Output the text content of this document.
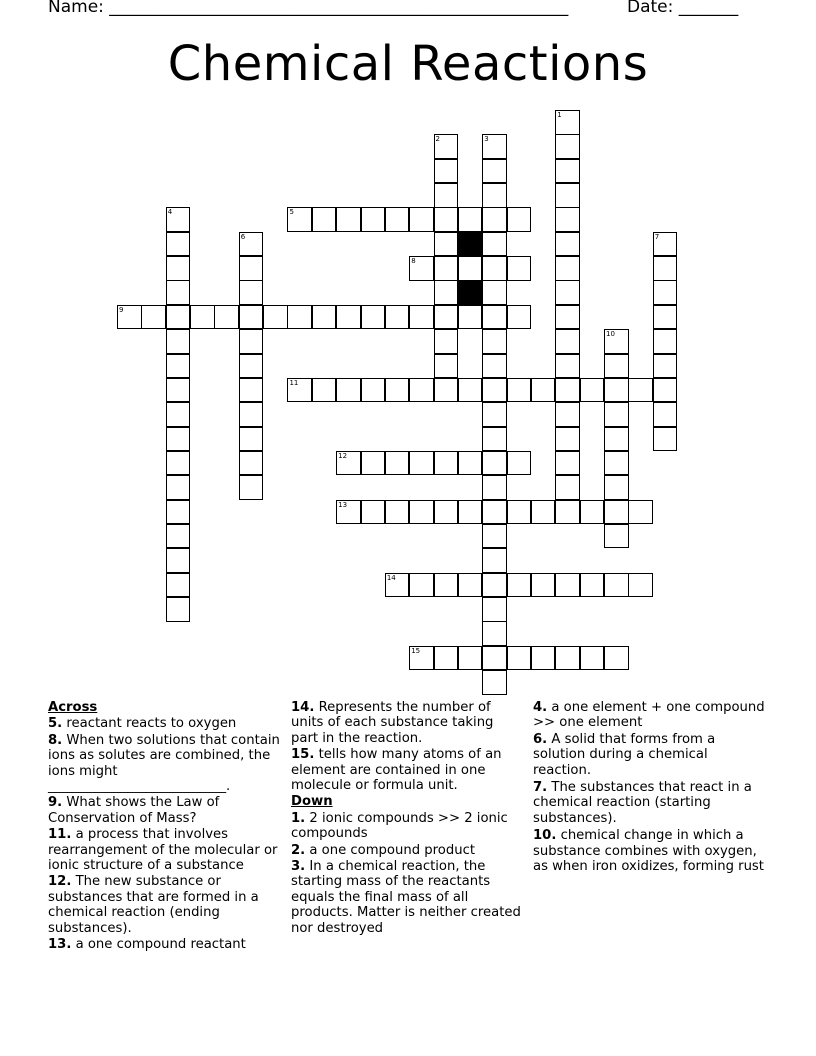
Name: ______________________________________________________	Date: _______
Chemical Reactions
1
2	3
4	5
6	7
8
9
10
11
12
13
14
15
Across
5. reactant reacts to oxygen
8. When two solutions that contain ions as solutes are combined, the ions might ___________________________.
9. What shows the Law of Conservation of Mass?
11. a process that involves rearrangement of the molecular or ionic structure of a substance
12. The new substance or substances that are formed in a chemical reaction (ending substances).
13. a one compound reactant
14. Represents the number of units of each substance taking part in the reaction.
15. tells how many atoms of an element are contained in one molecule or formula unit.
Down
1. 2 ionic compounds >> 2 ionic compounds
2. a one compound product
3. In a chemical reaction, the starting mass of the reactants equals the final mass of all products. Matter is neither created nor destroyed
4. a one element + one compound >> one element
6. A solid that forms from a solution during a chemical reaction.
7. The substances that react in a chemical reaction (starting substances).
10. chemical change in which a substance combines with oxygen, as when iron oxidizes, forming rust
